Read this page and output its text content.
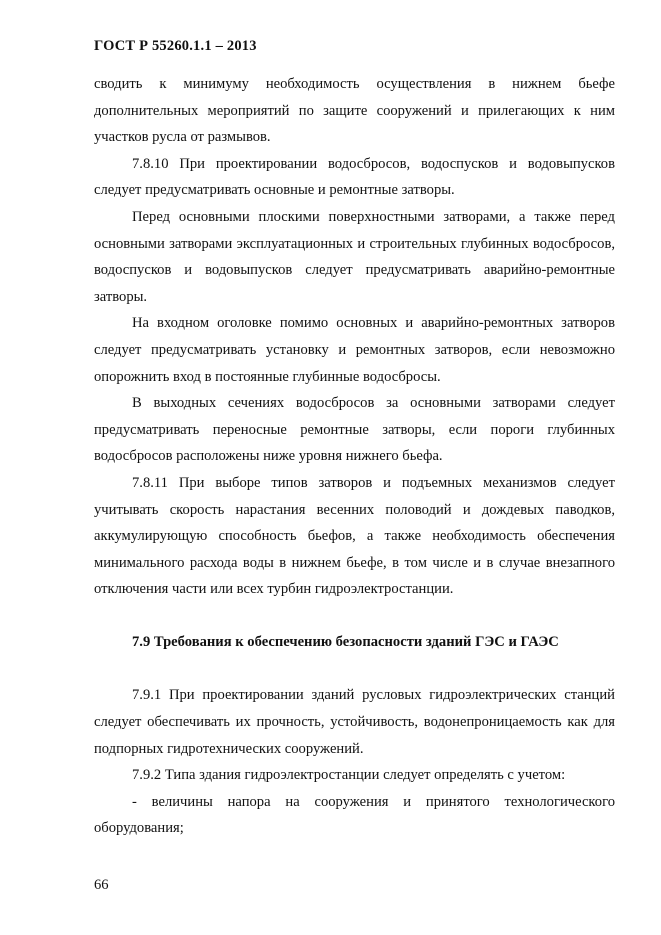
ГОСТ Р 55260.1.1 – 2013

сводить к минимуму необходимость осуществления в нижнем бьефе дополнительных мероприятий по защите сооружений и прилегающих к ним участков русла от размывов.

7.8.10 При проектировании водосбросов, водоспусков и водовыпусков следует предусматривать основные и ремонтные затворы.

Перед основными плоскими поверхностными затворами, а также перед основными затворами эксплуатационных и строительных глубинных водосбросов, водоспусков и водовыпусков следует предусматривать аварийно-ремонтные затворы.

На входном оголовке помимо основных и аварийно-ремонтных затворов следует предусматривать установку и ремонтных затворов, если невозможно опорожнить вход в постоянные глубинные водосбросы.

В выходных сечениях водосбросов за основными затворами следует предусматривать переносные ремонтные затворы, если пороги глубинных водосбросов расположены ниже уровня нижнего бьефа.

7.8.11 При выборе типов затворов и подъемных механизмов следует учитывать скорость нарастания весенних половодий и дождевых паводков, аккумулирующую способность бьефов, а также необходимость обеспечения минимального расхода воды в нижнем бьефе, в том числе и в случае внезапного отключения части или всех турбин гидроэлектростанции.

7.9 Требования к обеспечению безопасности зданий ГЭС и ГАЭС

7.9.1 При проектировании зданий русловых гидроэлектрических станций следует обеспечивать их прочность, устойчивость, водонепроницаемость как для подпорных гидротехнических сооружений.

7.9.2 Типа здания гидроэлектростанции следует определять с учетом:

- величины напора на сооружения и принятого технологического оборудования;

66
